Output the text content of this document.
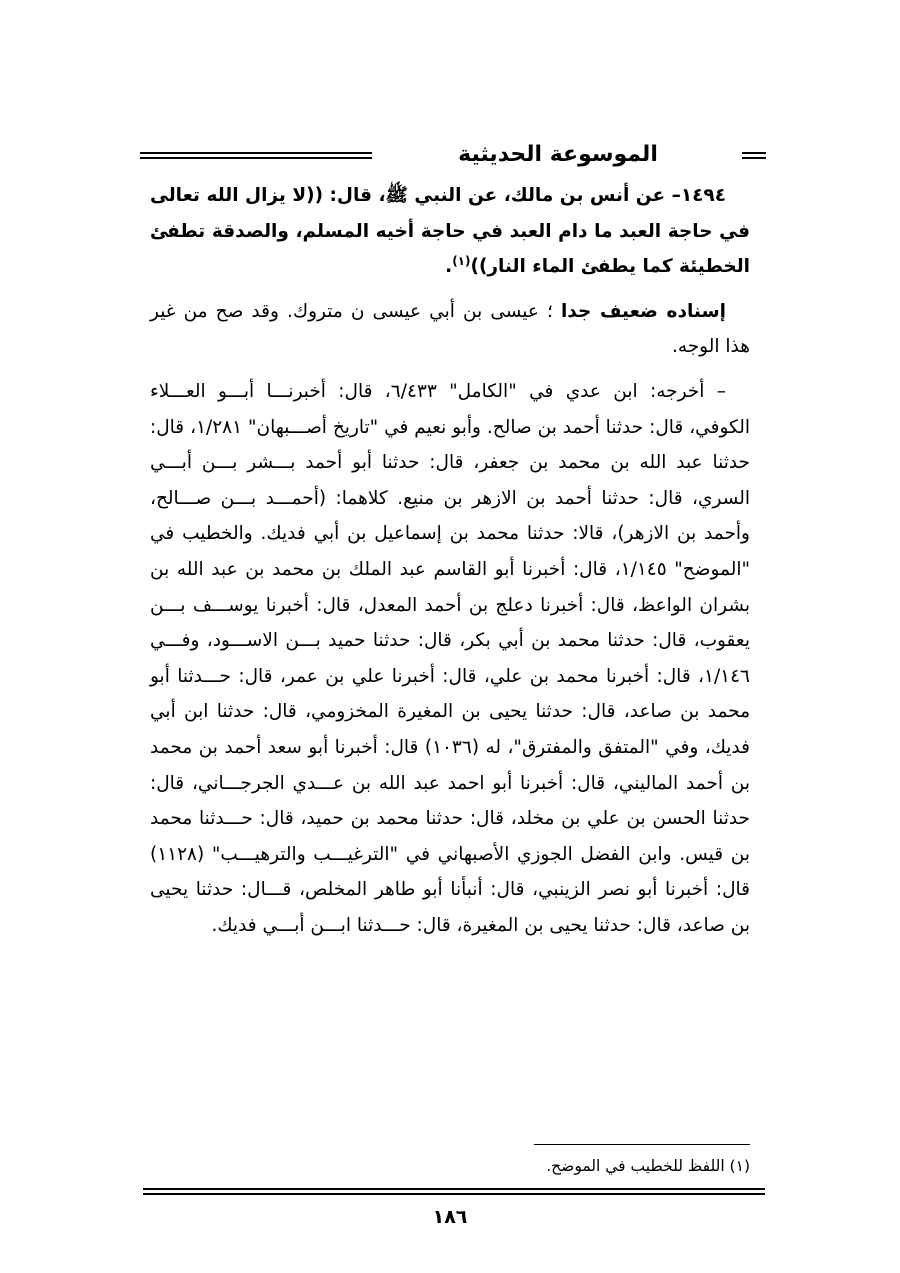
الموسوعة الحديثية

١٤٩٤– عن أنس بن مالك، عن النبي ﷺ، قال: ((لا يزال الله تعالى في حاجة العبد ما دام العبد في حاجة أخيه المسلم، والصدقة تطفئ الخطيئة كما يطفئ الماء النار))$^{(١)}$.

إسناده ضعيف جدا ؛ عيسى بن أبي عيسى ن متروك. وقد صح من غير هذا الوجه.

– أخرجه: ابن عدي في "الكامل" ٦/٤٣٣، قال: أخبرنـــا أبـــو العـــلاء الكوفي، قال: حدثنا أحمد بن صالح. وأبو نعيم في "تاريخ أصـــبهان" ١/٢٨١، قال: حدثنا عبد الله بن محمد بن جعفر، قال: حدثنا أبو أحمد بـــشر بـــن أبـــي السري، قال: حدثنا أحمد بن الازهر بن منيع. كلاهما: (أحمـــد بـــن صـــالح، وأحمد بن الازهر)، قالا: حدثنا محمد بن إسماعيل بن أبي فديك. والخطيب في "الموضح" ١/١٤٥، قال: أخبرنا أبو القاسم عبد الملك بن محمد بن عبد الله بن بشران الواعظ، قال: أخبرنا دعلج بن أحمد المعدل، قال: أخبرنا يوســـف بـــن يعقوب، قال: حدثنا محمد بن أبي بكر، قال: حدثنا حميد بـــن الاســـود، وفـــي ١/١٤٦، قال: أخبرنا محمد بن علي، قال: أخبرنا علي بن عمر، قال: حـــدثنا أبو محمد بن صاعد، قال: حدثنا يحيى بن المغيرة المخزومي، قال: حدثنا ابن أبي فديك، وفي "المتفق والمفترق"، له (١٠٣٦) قال: أخبرنا أبو سعد أحمد بن محمد بن أحمد الماليني، قال: أخبرنا أبو احمد عبد الله بن عـــدي الجرجـــاني، قال: حدثنا الحسن بن علي بن مخلد، قال: حدثنا محمد بن حميد، قال: حـــدثنا محمد بن قيس. وابن الفضل الجوزي الأصبهاني في "الترغيـــب والترهيـــب" (١١٢٨) قال: أخبرنا أبو نصر الزينبي، قال: أنبأنا أبو طاهر المخلص، قـــال: حدثنا يحيى بن صاعد، قال: حدثنا يحيى بن المغيرة، قال: حـــدثنا ابـــن أبـــي فديك.

(١) اللفظ للخطيب في الموضح.
١٨٦
